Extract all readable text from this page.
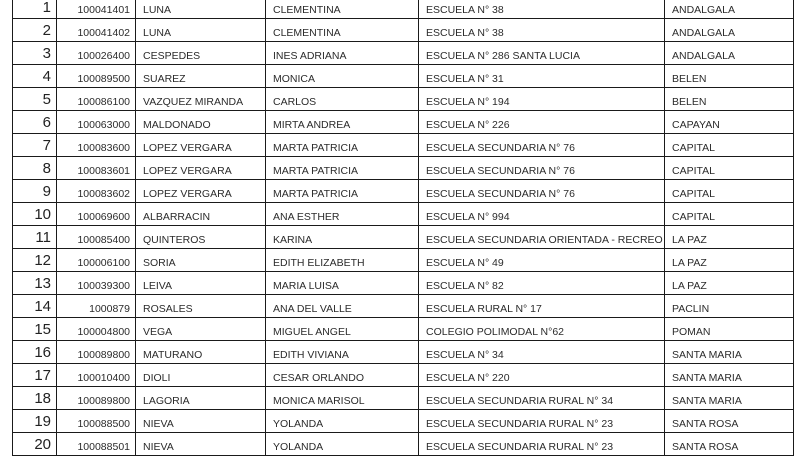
1	100041401	LUNA	CLEMENTINA	ESCUELA N° 38	ANDALGALA
2	100041402	LUNA	CLEMENTINA	ESCUELA N° 38	ANDALGALA
3	100026400	CESPEDES	INES ADRIANA	ESCUELA N° 286 SANTA LUCIA	ANDALGALA
4	100089500	SUAREZ	MONICA	ESCUELA N° 31	BELEN
5	100086100	VAZQUEZ MIRANDA	CARLOS	ESCUELA N° 194	BELEN
6	100063000	MALDONADO	MIRTA ANDREA	ESCUELA N° 226	CAPAYAN
7	100083600	LOPEZ VERGARA	MARTA PATRICIA	ESCUELA SECUNDARIA N° 76	CAPITAL
8	100083601	LOPEZ VERGARA	MARTA PATRICIA	ESCUELA SECUNDARIA N° 76	CAPITAL
9	100083602	LOPEZ VERGARA	MARTA PATRICIA	ESCUELA SECUNDARIA N° 76	CAPITAL
10	100069600	ALBARRACIN	ANA ESTHER	ESCUELA N° 994	CAPITAL
11	100085400	QUINTEROS	KARINA	ESCUELA SECUNDARIA ORIENTADA - RECREO	LA PAZ
12	100006100	SORIA	EDITH ELIZABETH	ESCUELA N° 49	LA PAZ
13	100039300	LEIVA	MARIA LUISA	ESCUELA N° 82	LA PAZ
14	1000879	ROSALES	ANA DEL VALLE	ESCUELA RURAL N° 17	PACLIN
15	100004800	VEGA	MIGUEL ANGEL	COLEGIO POLIMODAL N°62	POMAN
16	100089800	MATURANO	EDITH VIVIANA	ESCUELA N° 34	SANTA MARIA
17	100010400	DIOLI	CESAR ORLANDO	ESCUELA N° 220	SANTA MARIA
18	100089800	LAGORIA	MONICA MARISOL	ESCUELA SECUNDARIA RURAL N° 34	SANTA MARIA
19	100088500	NIEVA	YOLANDA	ESCUELA SECUNDARIA RURAL N° 23	SANTA ROSA
20	100088501	NIEVA	YOLANDA	ESCUELA SECUNDARIA RURAL N° 23	SANTA ROSA
